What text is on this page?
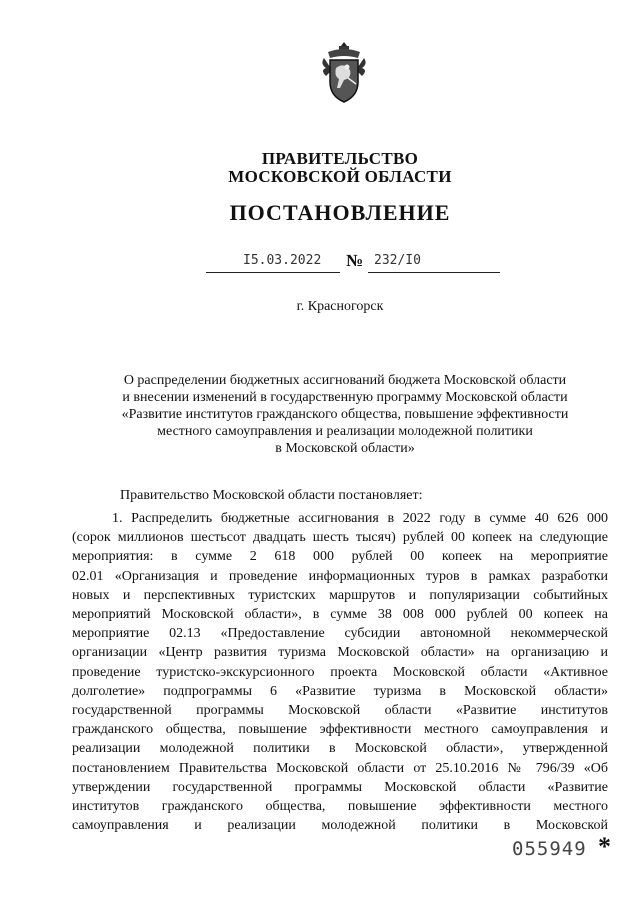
ПРАВИТЕЛЬСТВО
МОСКОВСКОЙ ОБЛАСТИ
ПОСТАНОВЛЕНИЕ
I5.03.2022 № 232/I0
г. Красногорск
О распределении бюджетных ассигнований бюджета Московской области
и внесении изменений в государственную программу Московской области
«Развитие институтов гражданского общества, повышение эффективности
местного самоуправления и реализации молодежной политики
в Московской области»
Правительство Московской области постановляет:
1. Распределить бюджетные ассигнования в 2022 году в сумме 40 626 000
(сорок миллионов шестьсот двадцать шесть тысяч) рублей 00 копеек на следующие
мероприятия: в сумме 2 618 000 рублей 00 копеек на мероприятие
02.01 «Организация и проведение информационных туров в рамках разработки
новых и перспективных туристских маршрутов и популяризации событийных
мероприятий Московской области», в сумме 38 008 000 рублей 00 копеек на
мероприятие 02.13 «Предоставление субсидии автономной некоммерческой
организации «Центр развития туризма Московской области» на организацию и
проведение туристско-экскурсионного проекта Московской области «Активное
долголетие» подпрограммы 6 «Развитие туризма в Московской области»
государственной программы Московской области «Развитие институтов
гражданского общества, повышение эффективности местного самоуправления и
реализации молодежной политики в Московской области», утвержденной
постановлением Правительства Московской области от 25.10.2016 № 796/39 «Об
утверждении государственной программы Московской области «Развитие
институтов гражданского общества, повышение эффективности местного
самоуправления и реализации молодежной политики в Московской
055949 *
